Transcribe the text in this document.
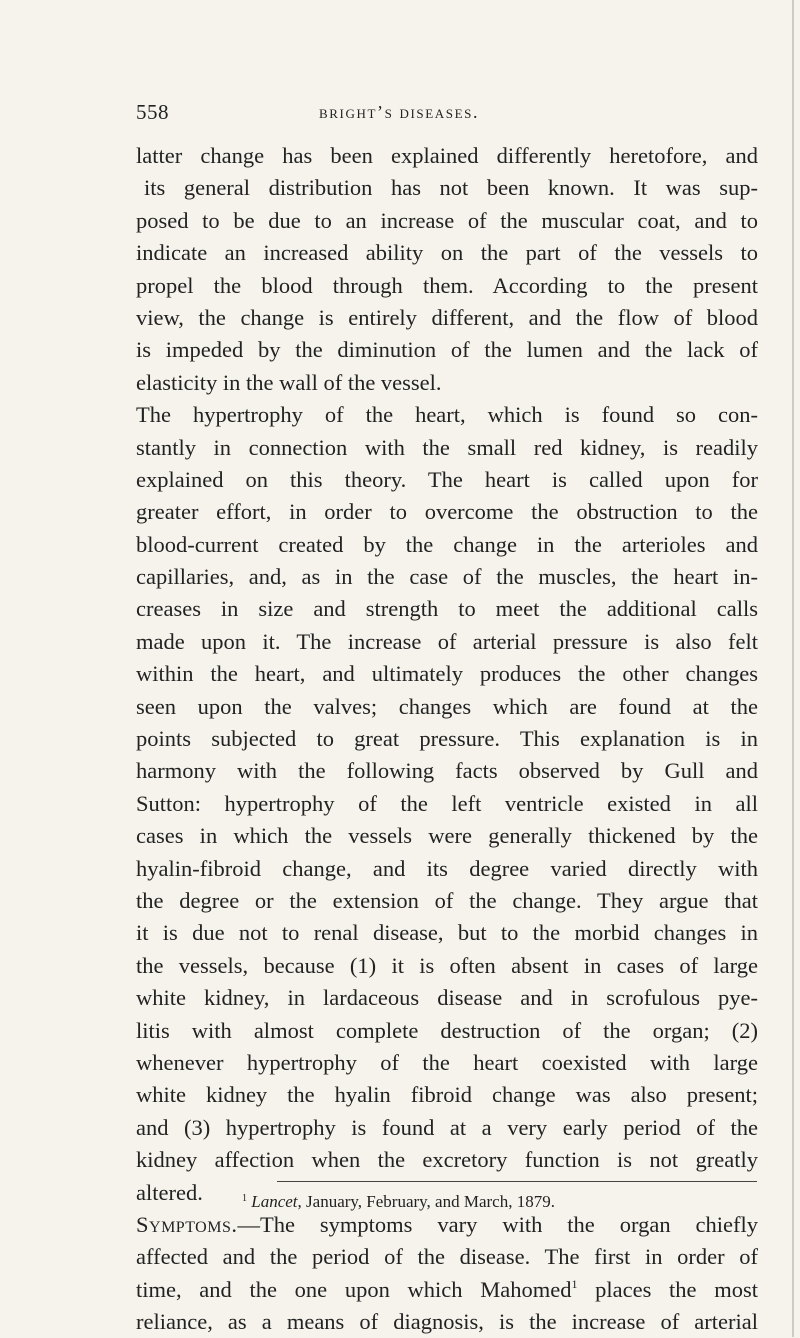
558	bright’s diseases.
latter change has been explained differently heretofore, and
its general distribution has not been known. It was sup-
posed to be due to an increase of the muscular coat, and to
indicate an increased ability on the part of the vessels to
propel the blood through them. According to the present
view, the change is entirely different, and the flow of blood
is impeded by the diminution of the lumen and the lack of
elasticity in the wall of the vessel.
The hypertrophy of the heart, which is found so con-
stantly in connection with the small red kidney, is readily
explained on this theory. The heart is called upon for
greater effort, in order to overcome the obstruction to the
blood-current created by the change in the arterioles and
capillaries, and, as in the case of the muscles, the heart in-
creases in size and strength to meet the additional calls
made upon it. The increase of arterial pressure is also felt
within the heart, and ultimately produces the other changes
seen upon the valves; changes which are found at the
points subjected to great pressure. This explanation is in
harmony with the following facts observed by Gull and
Sutton: hypertrophy of the left ventricle existed in all
cases in which the vessels were generally thickened by the
hyalin-fibroid change, and its degree varied directly with
the degree or the extension of the change. They argue that
it is due not to renal disease, but to the morbid changes in
the vessels, because (1) it is often absent in cases of large
white kidney, in lardaceous disease and in scrofulous pye-
litis with almost complete destruction of the organ; (2)
whenever hypertrophy of the heart coexisted with large
white kidney the hyalin fibroid change was also present;
and (3) hypertrophy is found at a very early period of the
kidney affection when the excretory function is not greatly
altered.
Symptoms.—The symptoms vary with the organ chiefly
affected and the period of the disease. The first in order of
time, and the one upon which Mahomed$^1$ places the most
reliance, as a means of diagnosis, is the increase of arterial
$^1$ Lancet, January, February, and March, 1879.
